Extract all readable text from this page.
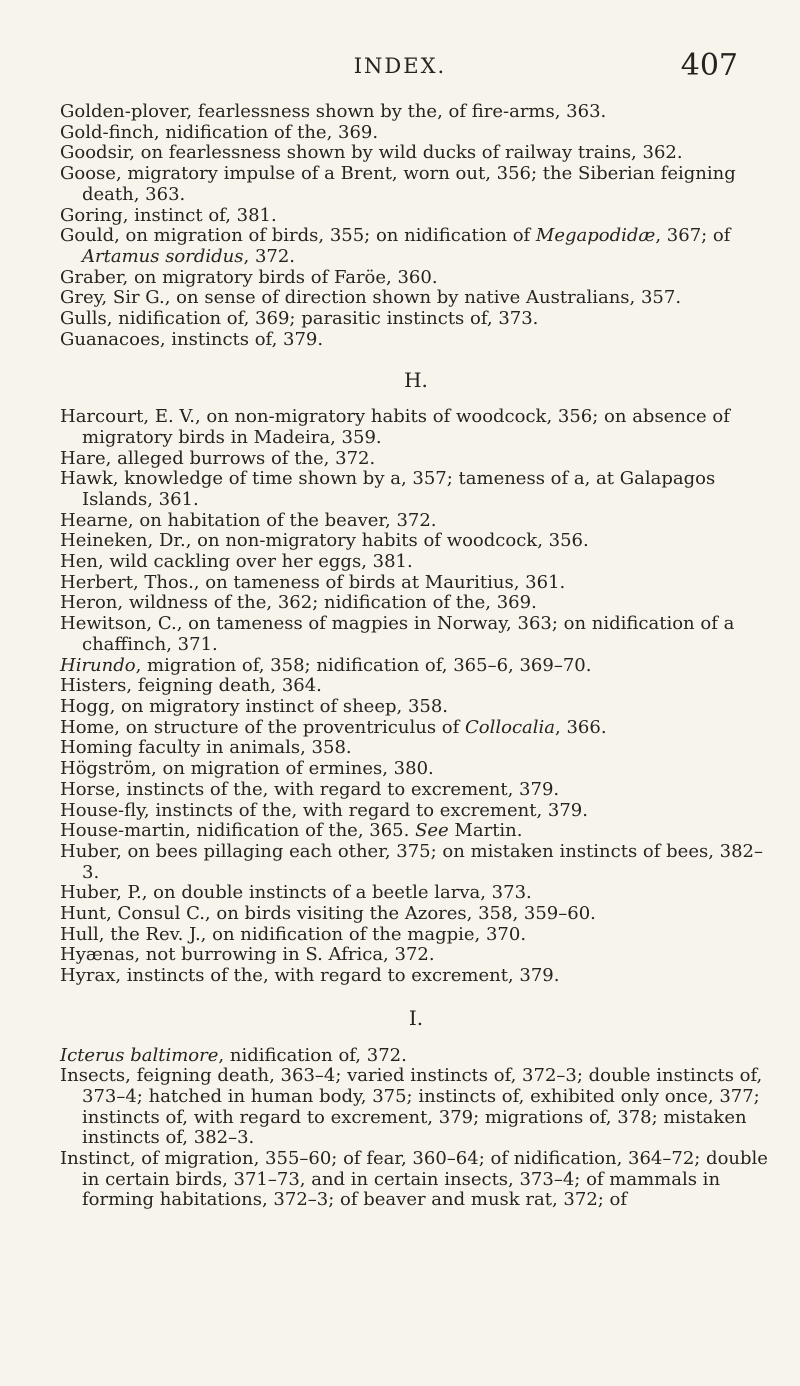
INDEX.	407

Golden-plover, fearlessness shown by the, of fire-arms, 363.

Gold-finch, nidification of the, 369.

Goodsir, on fearlessness shown by wild ducks of railway trains, 362.

Goose, migratory impulse of a Brent, worn out, 356; the Siberian feigning death, 363.

Goring, instinct of, 381.

Gould, on migration of birds, 355; on nidification of Megapodidæ, 367; of Artamus sordidus, 372.

Graber, on migratory birds of Faröe, 360.

Grey, Sir G., on sense of direction shown by native Australians, 357.

Gulls, nidification of, 369; parasitic instincts of, 373.

Guanacoes, instincts of, 379.

H.

Harcourt, E. V., on non-migratory habits of woodcock, 356; on absence of migratory birds in Madeira, 359.

Hare, alleged burrows of the, 372.

Hawk, knowledge of time shown by a, 357; tameness of a, at Galapagos Islands, 361.

Hearne, on habitation of the beaver, 372.

Heineken, Dr., on non-migratory habits of woodcock, 356.

Hen, wild cackling over her eggs, 381.

Herbert, Thos., on tameness of birds at Mauritius, 361.

Heron, wildness of the, 362; nidification of the, 369.

Hewitson, C., on tameness of magpies in Norway, 363; on nidification of a chaffinch, 371.

Hirundo, migration of, 358; nidification of, 365–6, 369–70.

Histers, feigning death, 364.

Hogg, on migratory instinct of sheep, 358.

Home, on structure of the proventriculus of Collocalia, 366.

Homing faculty in animals, 358.

Högström, on migration of ermines, 380.

Horse, instincts of the, with regard to excrement, 379.

House-fly, instincts of the, with regard to excrement, 379.

House-martin, nidification of the, 365. See Martin.

Huber, on bees pillaging each other, 375; on mistaken instincts of bees, 382–3.

Huber, P., on double instincts of a beetle larva, 373.

Hunt, Consul C., on birds visiting the Azores, 358, 359–60.

Hull, the Rev. J., on nidification of the magpie, 370.

Hyænas, not burrowing in S. Africa, 372.

Hyrax, instincts of the, with regard to excrement, 379.

I.

Icterus baltimore, nidification of, 372.

Insects, feigning death, 363–4; varied instincts of, 372–3; double instincts of, 373–4; hatched in human body, 375; instincts of, exhibited only once, 377; instincts of, with regard to excrement, 379; migrations of, 378; mistaken instincts of, 382–3.

Instinct, of migration, 355–60; of fear, 360–64; of nidification, 364–72; double in certain birds, 371–73, and in certain insects, 373–4; of mammals in forming habitations, 372–3; of beaver and musk rat, 372; of
